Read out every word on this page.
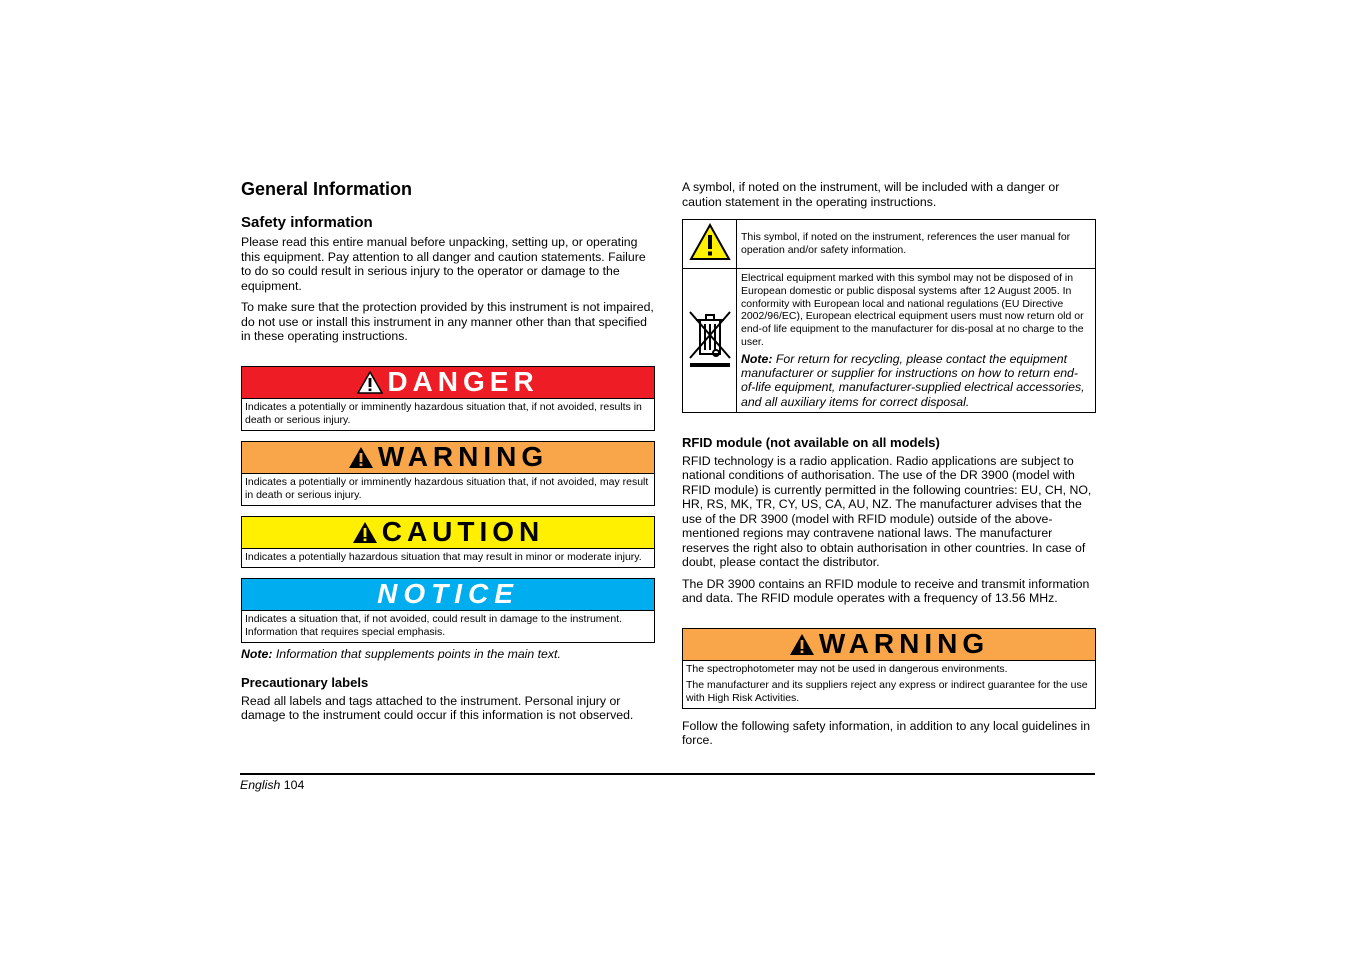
General Information
Safety information

Please read this entire manual before unpacking, setting up, or operating this equipment. Pay attention to all danger and caution statements. Failure to do so could result in serious injury to the operator or damage to the equipment.

To make sure that the protection provided by this instrument is not impaired, do not use or install this instrument in any manner other than that specified in these operating instructions.

DANGER
Indicates a potentially or imminently hazardous situation that, if not avoided, results in death or serious injury.
WARNING
Indicates a potentially or imminently hazardous situation that, if not avoided, may result in death or serious injury.
CAUTION
Indicates a potentially hazardous situation that may result in minor or moderate injury.
NOTICE
Indicates a situation that, if not avoided, could result in damage to the instrument. Information that requires special emphasis.
Note: Information that supplements points in the main text.
Precautionary labels

Read all labels and tags attached to the instrument. Personal injury or damage to the instrument could occur if this information is not observed.

A symbol, if noted on the instrument, will be included with a danger or caution statement in the operating instructions.

	This symbol, if noted on the instrument, references the user manual for operation and/or safety information.

Electrical equipment marked with this symbol may not be disposed of in European domestic or public disposal systems after 12 August 2005. In conformity with European local and national regulations (EU Directive 2002/96/EC), European electrical equipment users must now return old or end-of life equipment to the manufacturer for dis-posal at no charge to the user.
Note: For return for recycling, please contact the equipment manufacturer or supplier for instructions on how to return end-of-life equipment, manufacturer-supplied electrical accessories, and all auxiliary items for correct disposal.
RFID module (not available on all models)

RFID technology is a radio application. Radio applications are subject to national conditions of authorisation. The use of the DR 3900 (model with RFID module) is currently permitted in the following countries: EU, CH, NO, HR, RS, MK, TR, CY, US, CA, AU, NZ. The manufacturer advises that the use of the DR 3900 (model with RFID module) outside of the above-mentioned regions may contravene national laws. The manufacturer reserves the right also to obtain authorisation in other countries. In case of doubt, please contact the distributor.

The DR 3900 contains an RFID module to receive and transmit information and data. The RFID module operates with a frequency of 13.56 MHz.

WARNING
The spectrophotometer may not be used in dangerous environments.
The manufacturer and its suppliers reject any express or indirect guarantee for the use with High Risk Activities.

Follow the following safety information, in addition to any local guidelines in force.

English 104
